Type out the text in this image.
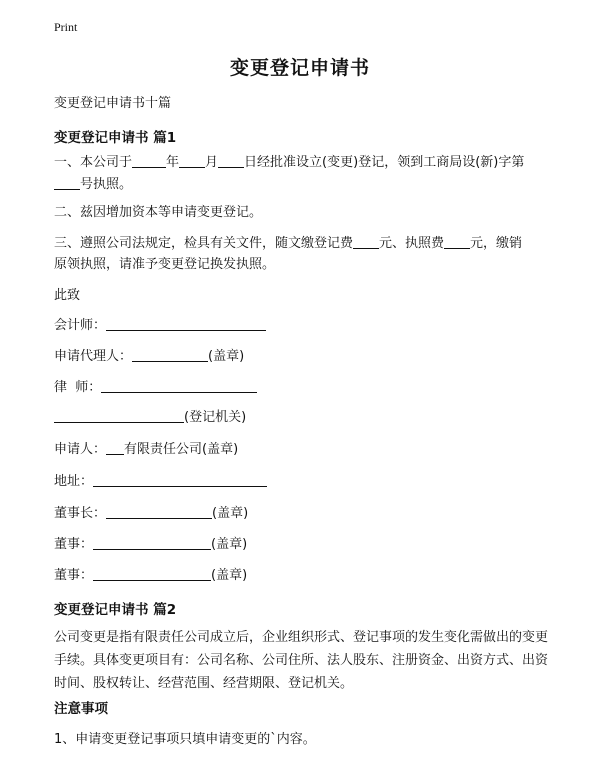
Print
变更登记申请书
变更登记申请书十篇
变更登记申请书 篇1
一、本公司于	年 月 日经批准设立(变更)登记，领到工商局设(新)字第
号执照。
二、兹因增加资本等申请变更登记。
三、遵照公司法规定，检具有关文件，随文缴登记费 元、执照费 元，缴销
原领执照，请准予变更登记换发执照。
此致
会计师：
申请代理人：	(盖章)
律  师：
(登记机关)
申请人： 有限责任公司(盖章)
地址：
董事长：	(盖章)
董事：	(盖章)
董事：	(盖章)
变更登记申请书 篇2
公司变更是指有限责任公司成立后，企业组织形式、登记事项的发生变化需做出的变更手续。具体变更项目有：公司名称、公司住所、法人股东、注册资金、出资方式、出资时间、股权转让、经营范围、经营期限、登记机关。
注意事项
1、申请变更登记事项只填申请变更的`内容。
